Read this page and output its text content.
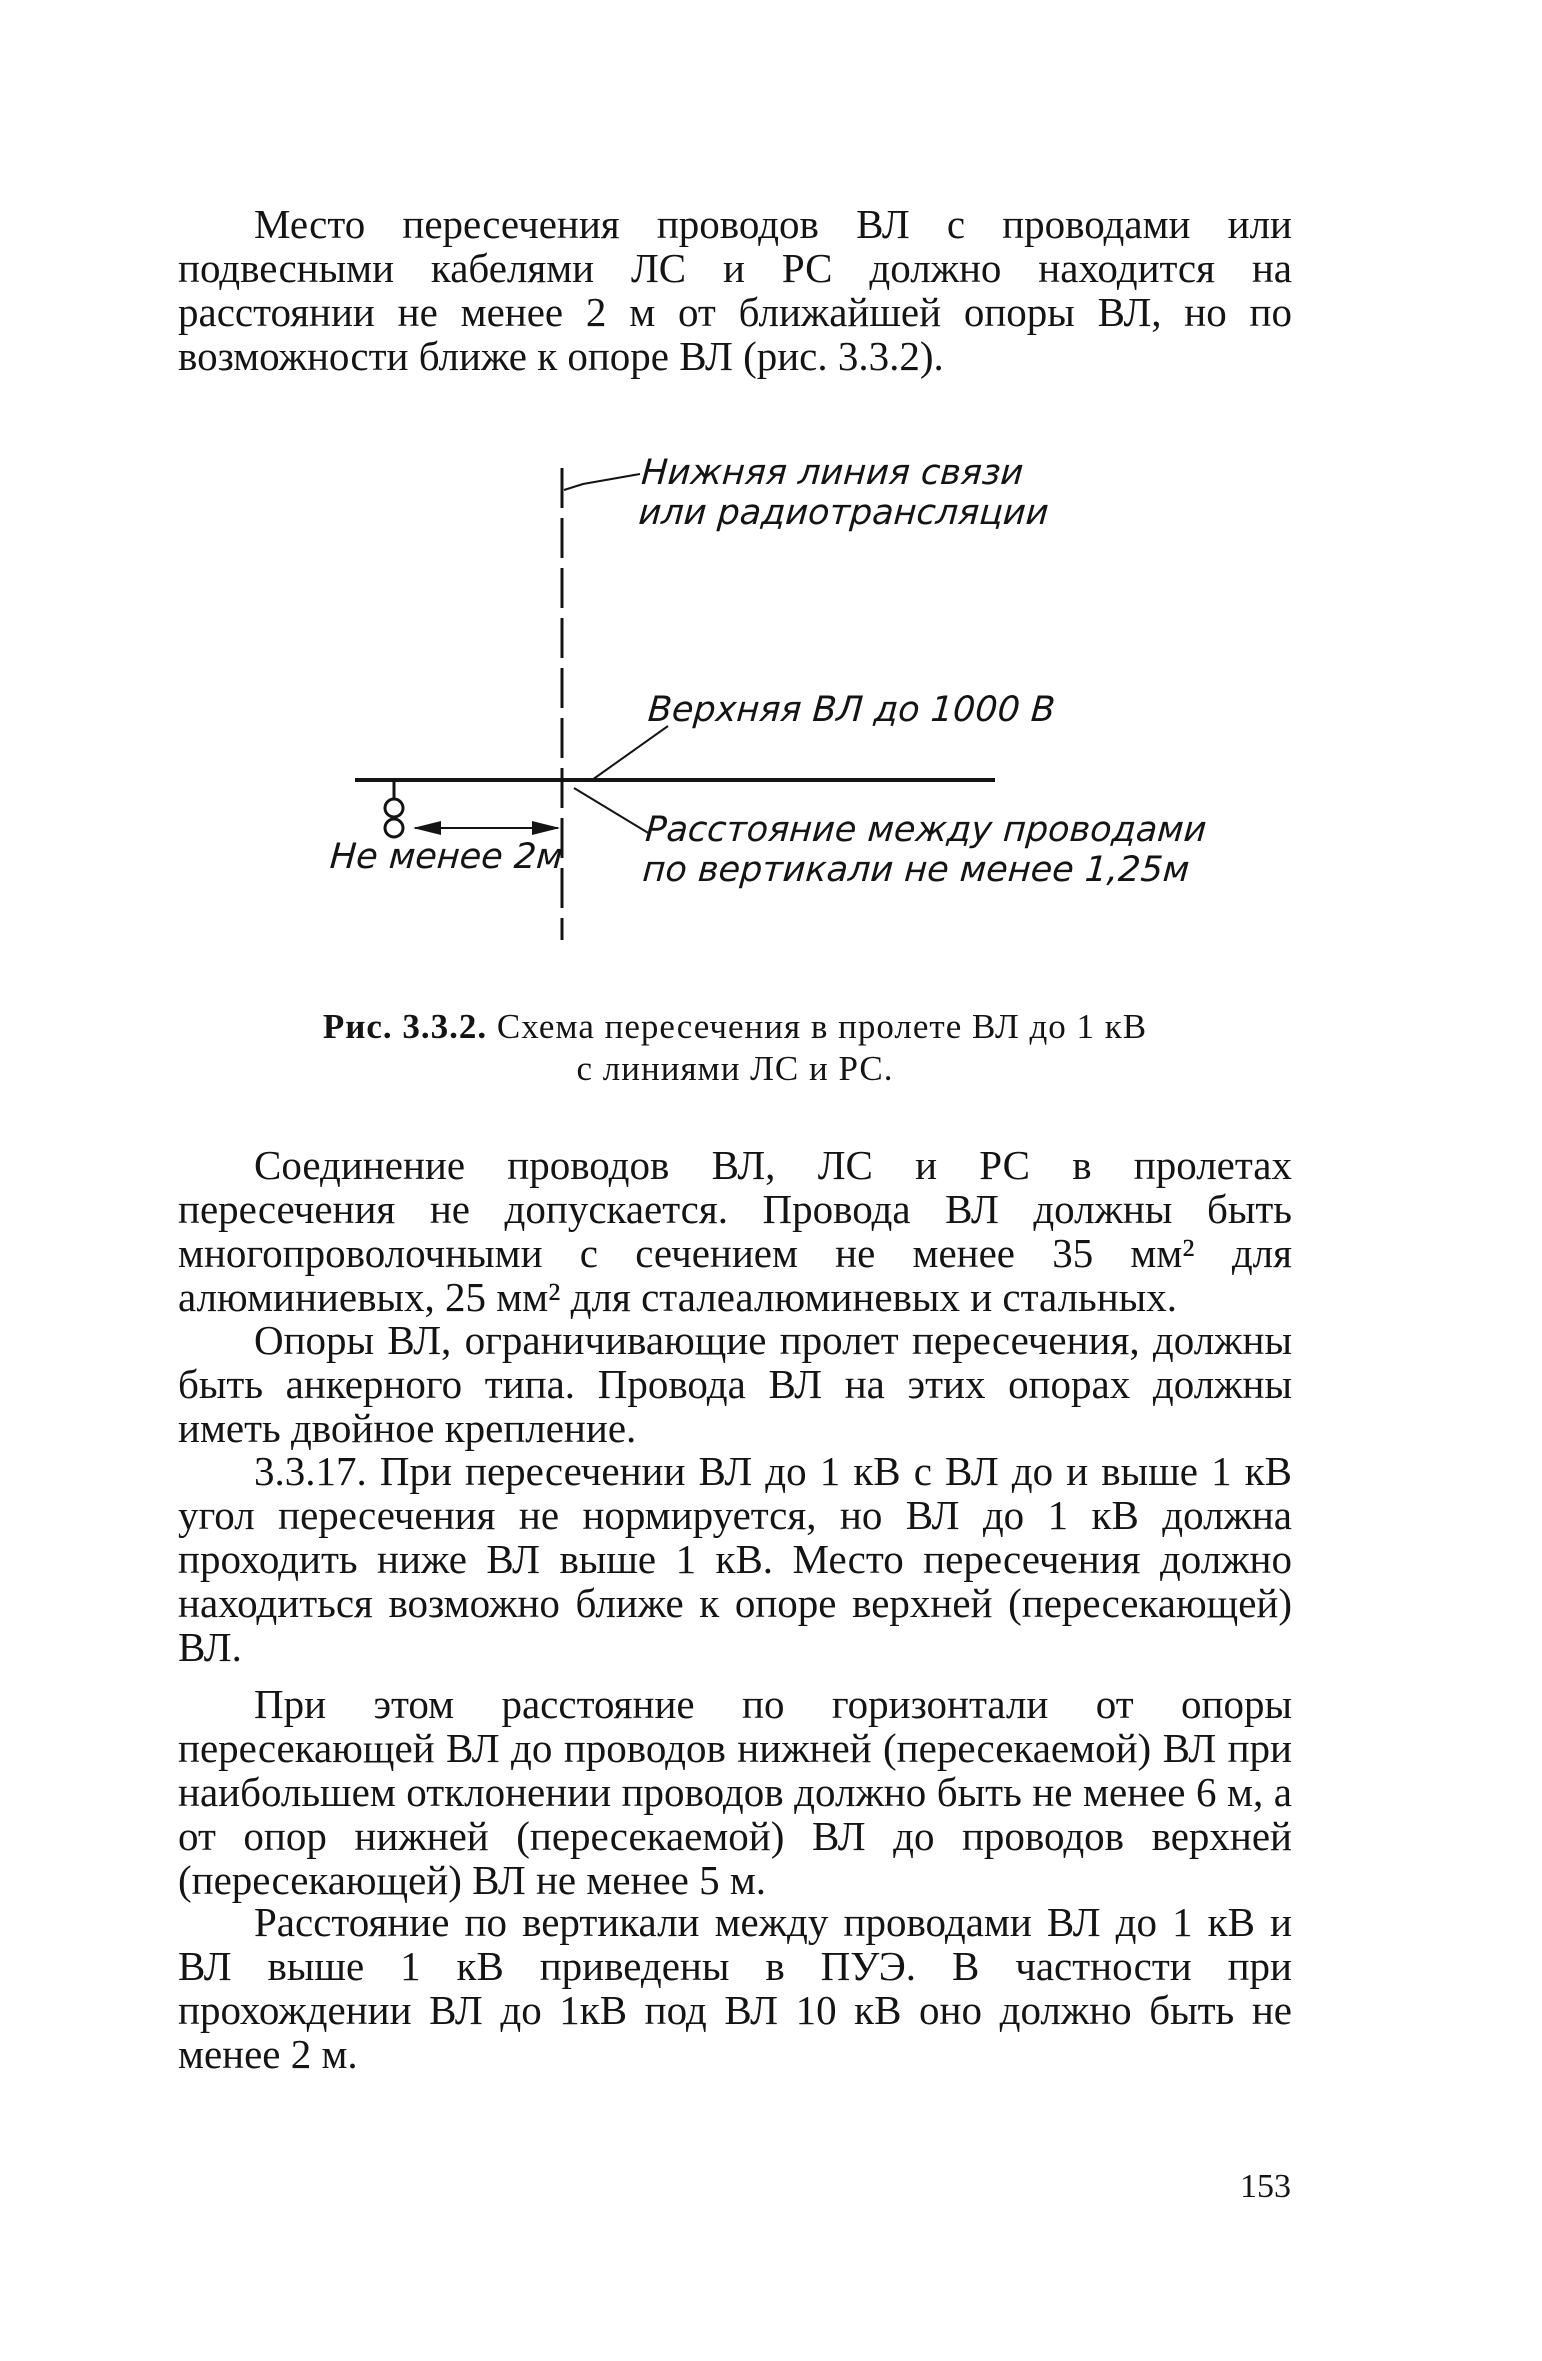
Место пересечения проводов ВЛ с проводами или подвесными кабелями ЛС и РС должно находится на расстоянии не менее 2 м от ближайшей опоры ВЛ, но по возможности ближе к опоре ВЛ (рис. 3.3.2).

Нижняя линия связи
или радиотрансляции
Верхняя ВЛ до 1000 В
Расстояние между проводами
по вертикали не менее 1,25м
Не менее 2м
Рис. 3.3.2. Схема пересечения в пролете ВЛ до 1 кВ
с линиями ЛС и РС.

Соединение проводов ВЛ, ЛС и РС в пролетах пересечения не допускается. Провода ВЛ должны быть многопроволочными с сечением не менее 35 мм² для алюминиевых, 25 мм² для сталеалюминевых и стальных.

Опоры ВЛ, ограничивающие пролет пересечения, должны быть анкерного типа. Провода ВЛ на этих опорах должны иметь двойное крепление.

3.3.17. При пересечении ВЛ до 1 кВ с ВЛ до и выше 1 кВ угол пересечения не нормируется, но ВЛ до 1 кВ должна проходить ниже ВЛ выше 1 кВ. Место пересечения должно находиться возможно ближе к опоре верхней (пересекающей) ВЛ.

При этом расстояние по горизонтали от опоры пересекающей ВЛ до проводов нижней (пересекаемой) ВЛ при наибольшем отклонении проводов должно быть не менее 6 м, а от опор нижней (пересекаемой) ВЛ до проводов верхней (пересекающей) ВЛ не менее 5 м.

Расстояние по вертикали между проводами ВЛ до 1 кВ и ВЛ выше 1 кВ приведены в ПУЭ. В частности при прохождении ВЛ до 1кВ под ВЛ 10 кВ оно должно быть не менее 2 м.

153
